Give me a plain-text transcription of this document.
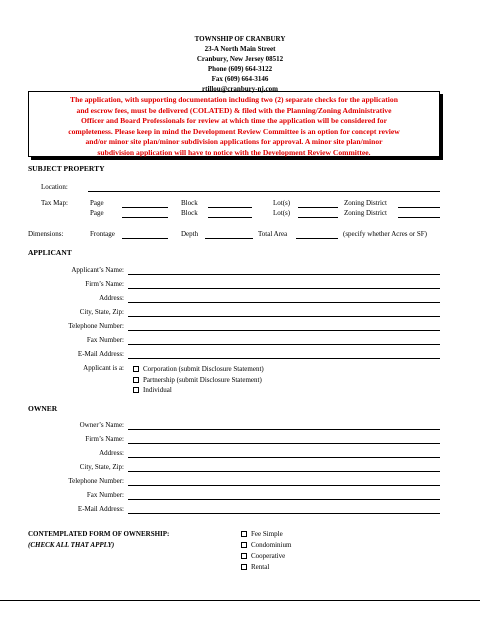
TOWNSHIP OF CRANBURY
23-A North Main Street
Cranbury, New Jersey 08512
Phone (609) 664-3122
Fax (609) 664-3146
rtillou@cranbury-nj.com
The application, with supporting documentation including two (2) separate checks for the application
and escrow fees, must be delivered (COLATED) & filed with the Planning/Zoning Administrative
Officer and Board Professionals for review at which time the application will be considered for
completeness. Please keep in mind the Development Review Committee is an option for concept review
and/or minor site plan/minor subdivision applications for approval. A minor site plan/minor
subdivision application will have to notice with the Development Review Committee.
SUBJECT PROPERTY
Location:
Tax Map:	Page	Block	Lot(s)	Zoning District
Page	Block	Lot(s)	Zoning District
Dimensions:	Frontage	Depth	Total Area	(specify whether Acres or SF)
APPLICANT
Applicant’s Name:
Firm’s Name:
Address:
City, State, Zip:
Telephone Number:
Fax Number:
E-Mail Address:
Applicant is a:	Corporation (submit Disclosure Statement)
Partnership (submit Disclosure Statement)
Individual
OWNER
Owner’s Name:
Firm’s Name:
Address:
City, State, Zip:
Telephone Number:
Fax Number:
E-Mail Address:
CONTEMPLATED FORM OF OWNERSHIP:
(CHECK ALL THAT APPLY)
Fee Simple
Condominium
Cooperative
Rental
